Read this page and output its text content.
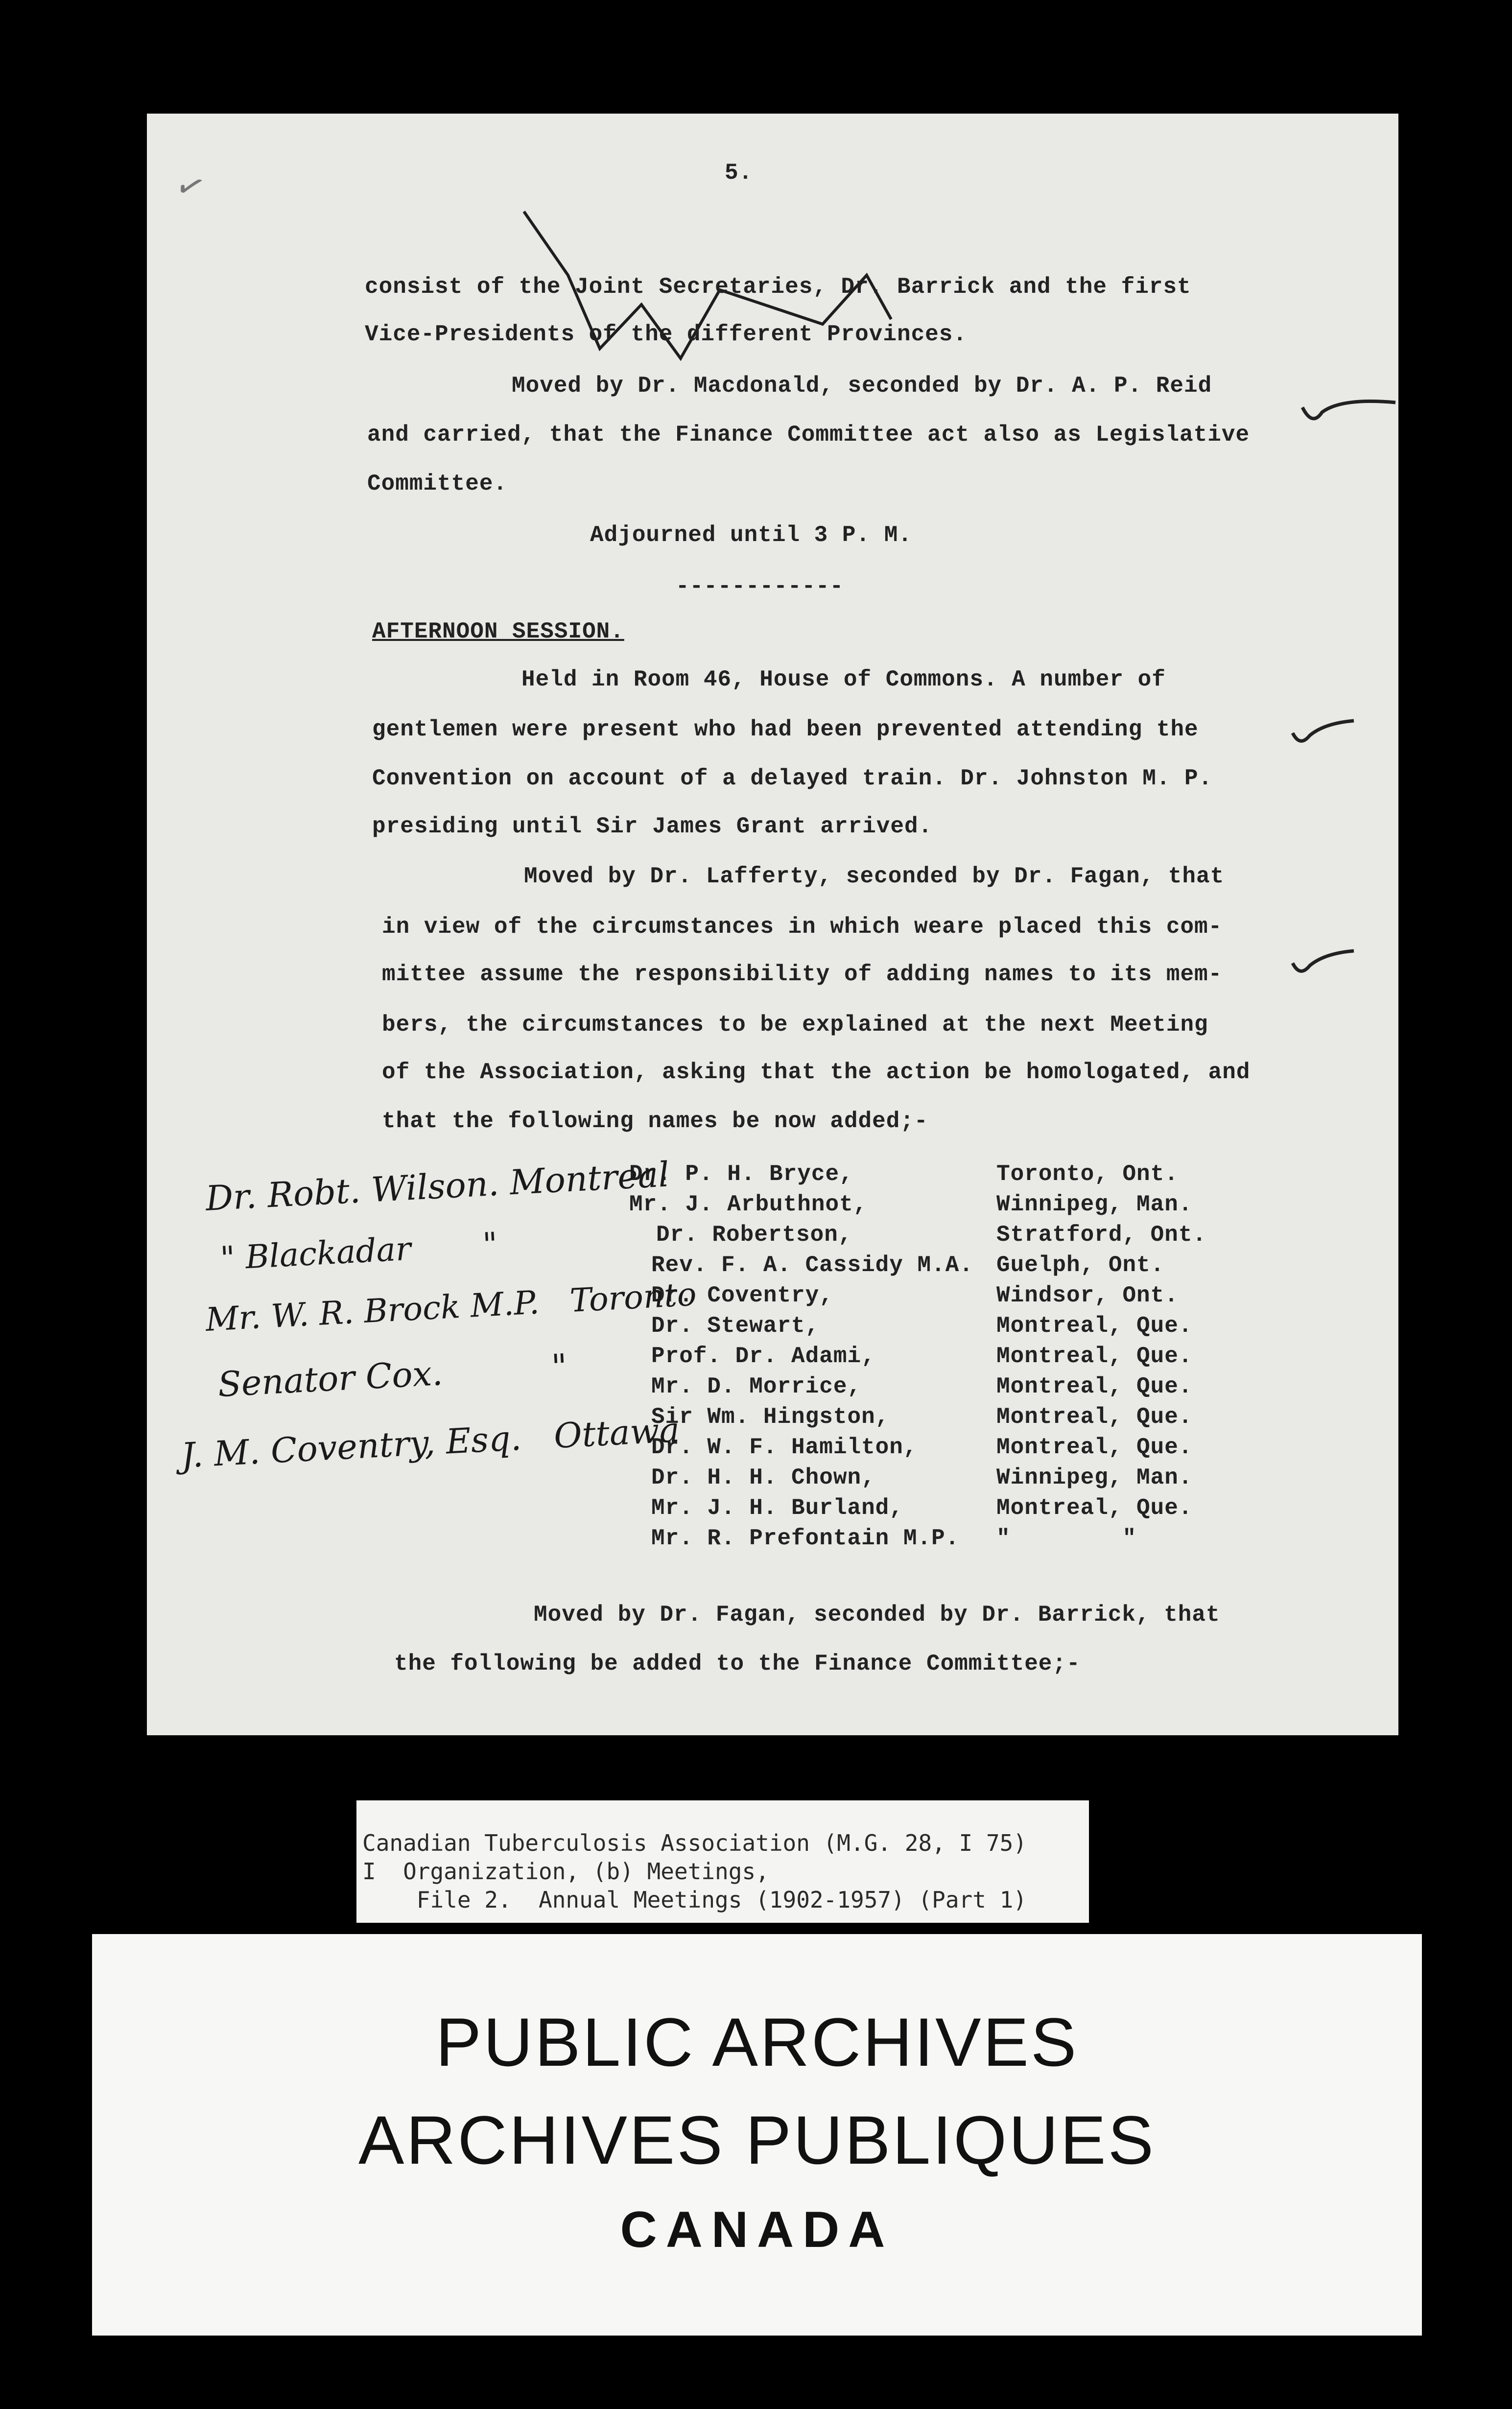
5.
consist of the Joint Secretaries, Dr. Barrick and the first
Vice-Presidents of the different Provinces.
Moved by Dr. Macdonald, seconded by Dr. A. P. Reid
and carried, that the Finance Committee act also as Legislative
Committee.
Adjourned until 3 P. M.
------------
AFTERNOON SESSION.
Held in Room 46, House of Commons. A number of
gentlemen were present who had been prevented attending the
Convention on account of a delayed train. Dr. Johnston M. P.
presiding until Sir James Grant arrived.
Moved by Dr. Lafferty, seconded by Dr. Fagan, that
in view of the circumstances in which weare placed this com-
mittee assume the responsibility of adding names to its mem-
bers, the circumstances to be explained at the next Meeting
of the Association, asking that the action be homologated, and
that the following names be now added;-
Dr. P. H. Bryce,	Toronto, Ont.
Mr. J. Arbuthnot,	Winnipeg, Man.
Dr. Robertson,	Stratford, Ont.
Rev. F. A. Cassidy M.A. Guelph, Ont.
Dr. Coventry,	Windsor, Ont.
Dr. Stewart,	Montreal, Que.
Prof. Dr. Adami,	Montreal, Que.
Mr. D. Morrice,	Montreal, Que.
Sir Wm. Hingston,	Montreal, Que.
Dr. W. F. Hamilton,	Montreal, Que.
Dr. H. H. Chown,	Winnipeg, Man.
Mr. J. H. Burland,	Montreal, Que.
Mr. R. Prefontain M.P. "        "
Dr. Robt. Wilson. Montreal
" Blackadar       "
Mr. W. R. Brock M.P.   Toronto
Senator Cox.          "
J. M. Coventry, Esq.   Ottawa
Moved by Dr. Fagan, seconded by Dr. Barrick, that
the following be added to the Finance Committee;-
✓
Canadian Tuberculosis Association (M.G. 28, I 75)
I  Organization, (b) Meetings,
File 2.  Annual Meetings (1902-1957) (Part 1)
PUBLIC ARCHIVES
ARCHIVES PUBLIQUES
CANADA
